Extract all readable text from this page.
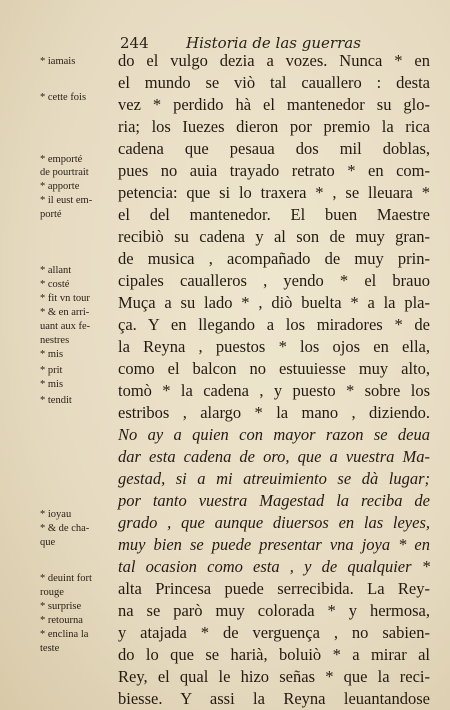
244 Historia de las guerras
* iamais
* cette fois
* emporté
de pourtrait
* apporte
* il eust em-
porté
* allant
* costé
* fit vn tour
* & en arri-
uant aux fe-
nestres
* mis
* prit
* mis
* tendit
* ioyau
* & de cha-
que
* deuint fort
rouge
* surprise
* retourna
* enclina la
teste
do el vulgo dezia a vozes. Nunca * en
el mundo se viò tal cauallero : desta
vez * perdido hà el mantenedor su glo-
ria; los Iuezes dieron por premio la rica
cadena que pesaua dos mil doblas,
pues no auia trayado retrato * en com-
petencia: que si lo traxera * , se lleuara *
el del mantenedor. El buen Maestre
recibiò su cadena y al son de muy gran-
de musica , acompañado de muy prin-
cipales caualleros , yendo * el brauo
Muça a su lado * , diò buelta * a la pla-
ça. Y en llegando a los miradores * de
la Reyna , puestos * los ojos en ella,
como el balcon no estuuiesse muy alto,
tomò * la cadena , y puesto * sobre los
estribos , alargo * la mano , diziendo.
No ay a quien con mayor razon se deua
dar esta cadena de oro, que a vuestra Ma-
gestad, si a mi atreuimiento se dà lugar;
por tanto vuestra Magestad la reciba de
grado , que aunque diuersos en las leyes,
muy bien se puede presentar vna joya * en
tal ocasion como esta , y de qualquier *
alta Princesa puede serrecibida. La Rey-
na se parò muy colorada * y hermosa,
y atajada * de verguença , no sabien-
do lo que se harià, boluiò * a mirar al
Rey, el qual le hizo señas * que la reci-
biesse. Y assi la Reyna leuantandose
